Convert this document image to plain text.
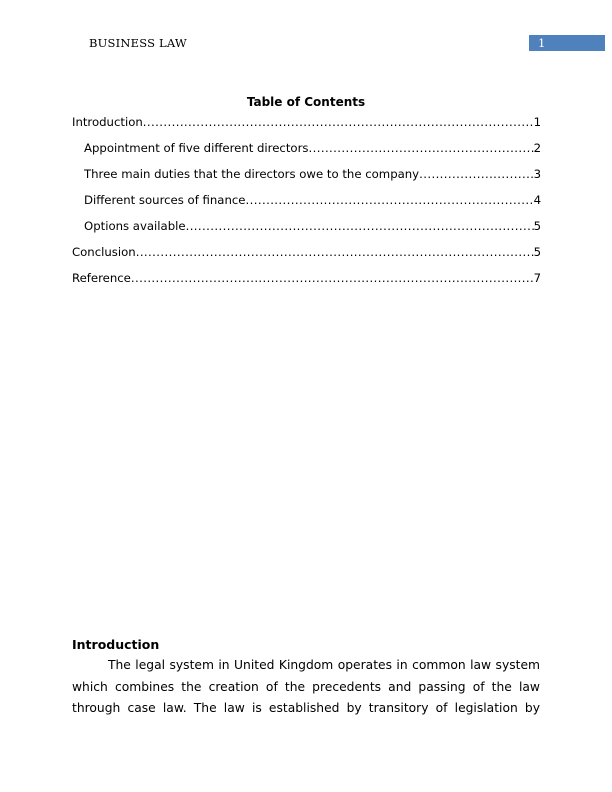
BUSINESS LAW	1
Table of Contents
Introduction .....	1
Appointment of five different directors .....	2
Three main duties that the directors owe to the company .....	3
Different sources of finance .....	4
Options available .....	5
Conclusion .....	5
Reference .....	7
Introduction
The legal system in United Kingdom operates in common law system
which combines the creation of the precedents and passing of the law
through case law. The law is established by transitory of legislation by
